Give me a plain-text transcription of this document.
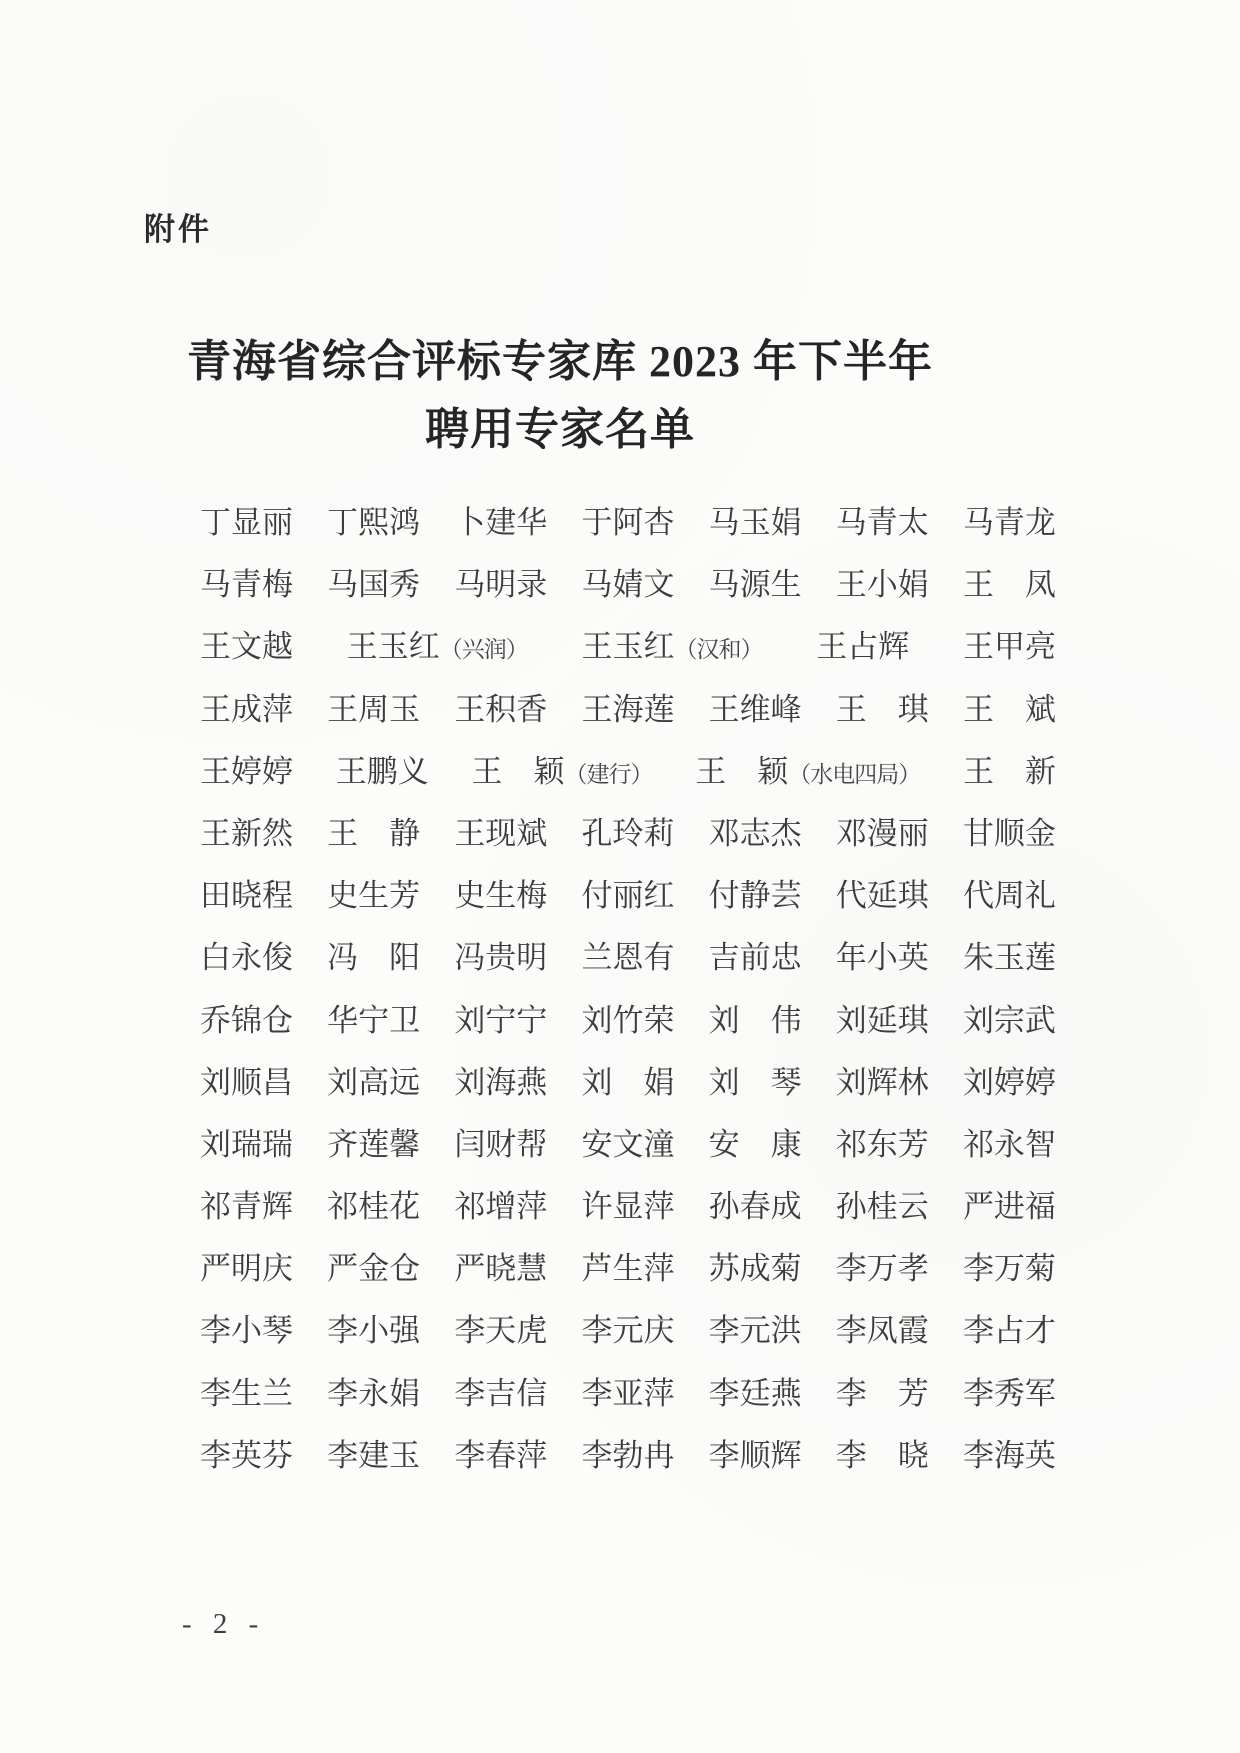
附件
青海省综合评标专家库 2023 年下半年
聘用专家名单
丁显丽 丁熙鸿 卜建华 于阿杏 马玉娟 马青太 马青龙
马青梅 马国秀 马明录 马婧文 马源生 王小娟 王　凤
王文越 王玉红（兴润） 王玉红（汉和） 王占辉 王甲亮
王成萍 王周玉 王积香 王海莲 王维峰 王　琪 王　斌
王婷婷 王鹏义 王　颖（建行） 王　颖（水电四局） 王　新
王新然 王　静 王现斌 孔玲莉 邓志杰 邓漫丽 甘顺金
田晓程 史生芳 史生梅 付丽红 付静芸 代延琪 代周礼
白永俊 冯　阳 冯贵明 兰恩有 吉前忠 年小英 朱玉莲
乔锦仓 华宁卫 刘宁宁 刘竹荣 刘　伟 刘延琪 刘宗武
刘顺昌 刘高远 刘海燕 刘　娟 刘　琴 刘辉林 刘婷婷
刘瑞瑞 齐莲馨 闫财帮 安文潼 安　康 祁东芳 祁永智
祁青辉 祁桂花 祁增萍 许显萍 孙春成 孙桂云 严进福
严明庆 严金仓 严晓慧 芦生萍 苏成菊 李万孝 李万菊
李小琴 李小强 李天虎 李元庆 李元洪 李凤霞 李占才
李生兰 李永娟 李吉信 李亚萍 李廷燕 李　芳 李秀军
李英芬 李建玉 李春萍 李勃冉 李顺辉 李　晓 李海英
- 2 -
